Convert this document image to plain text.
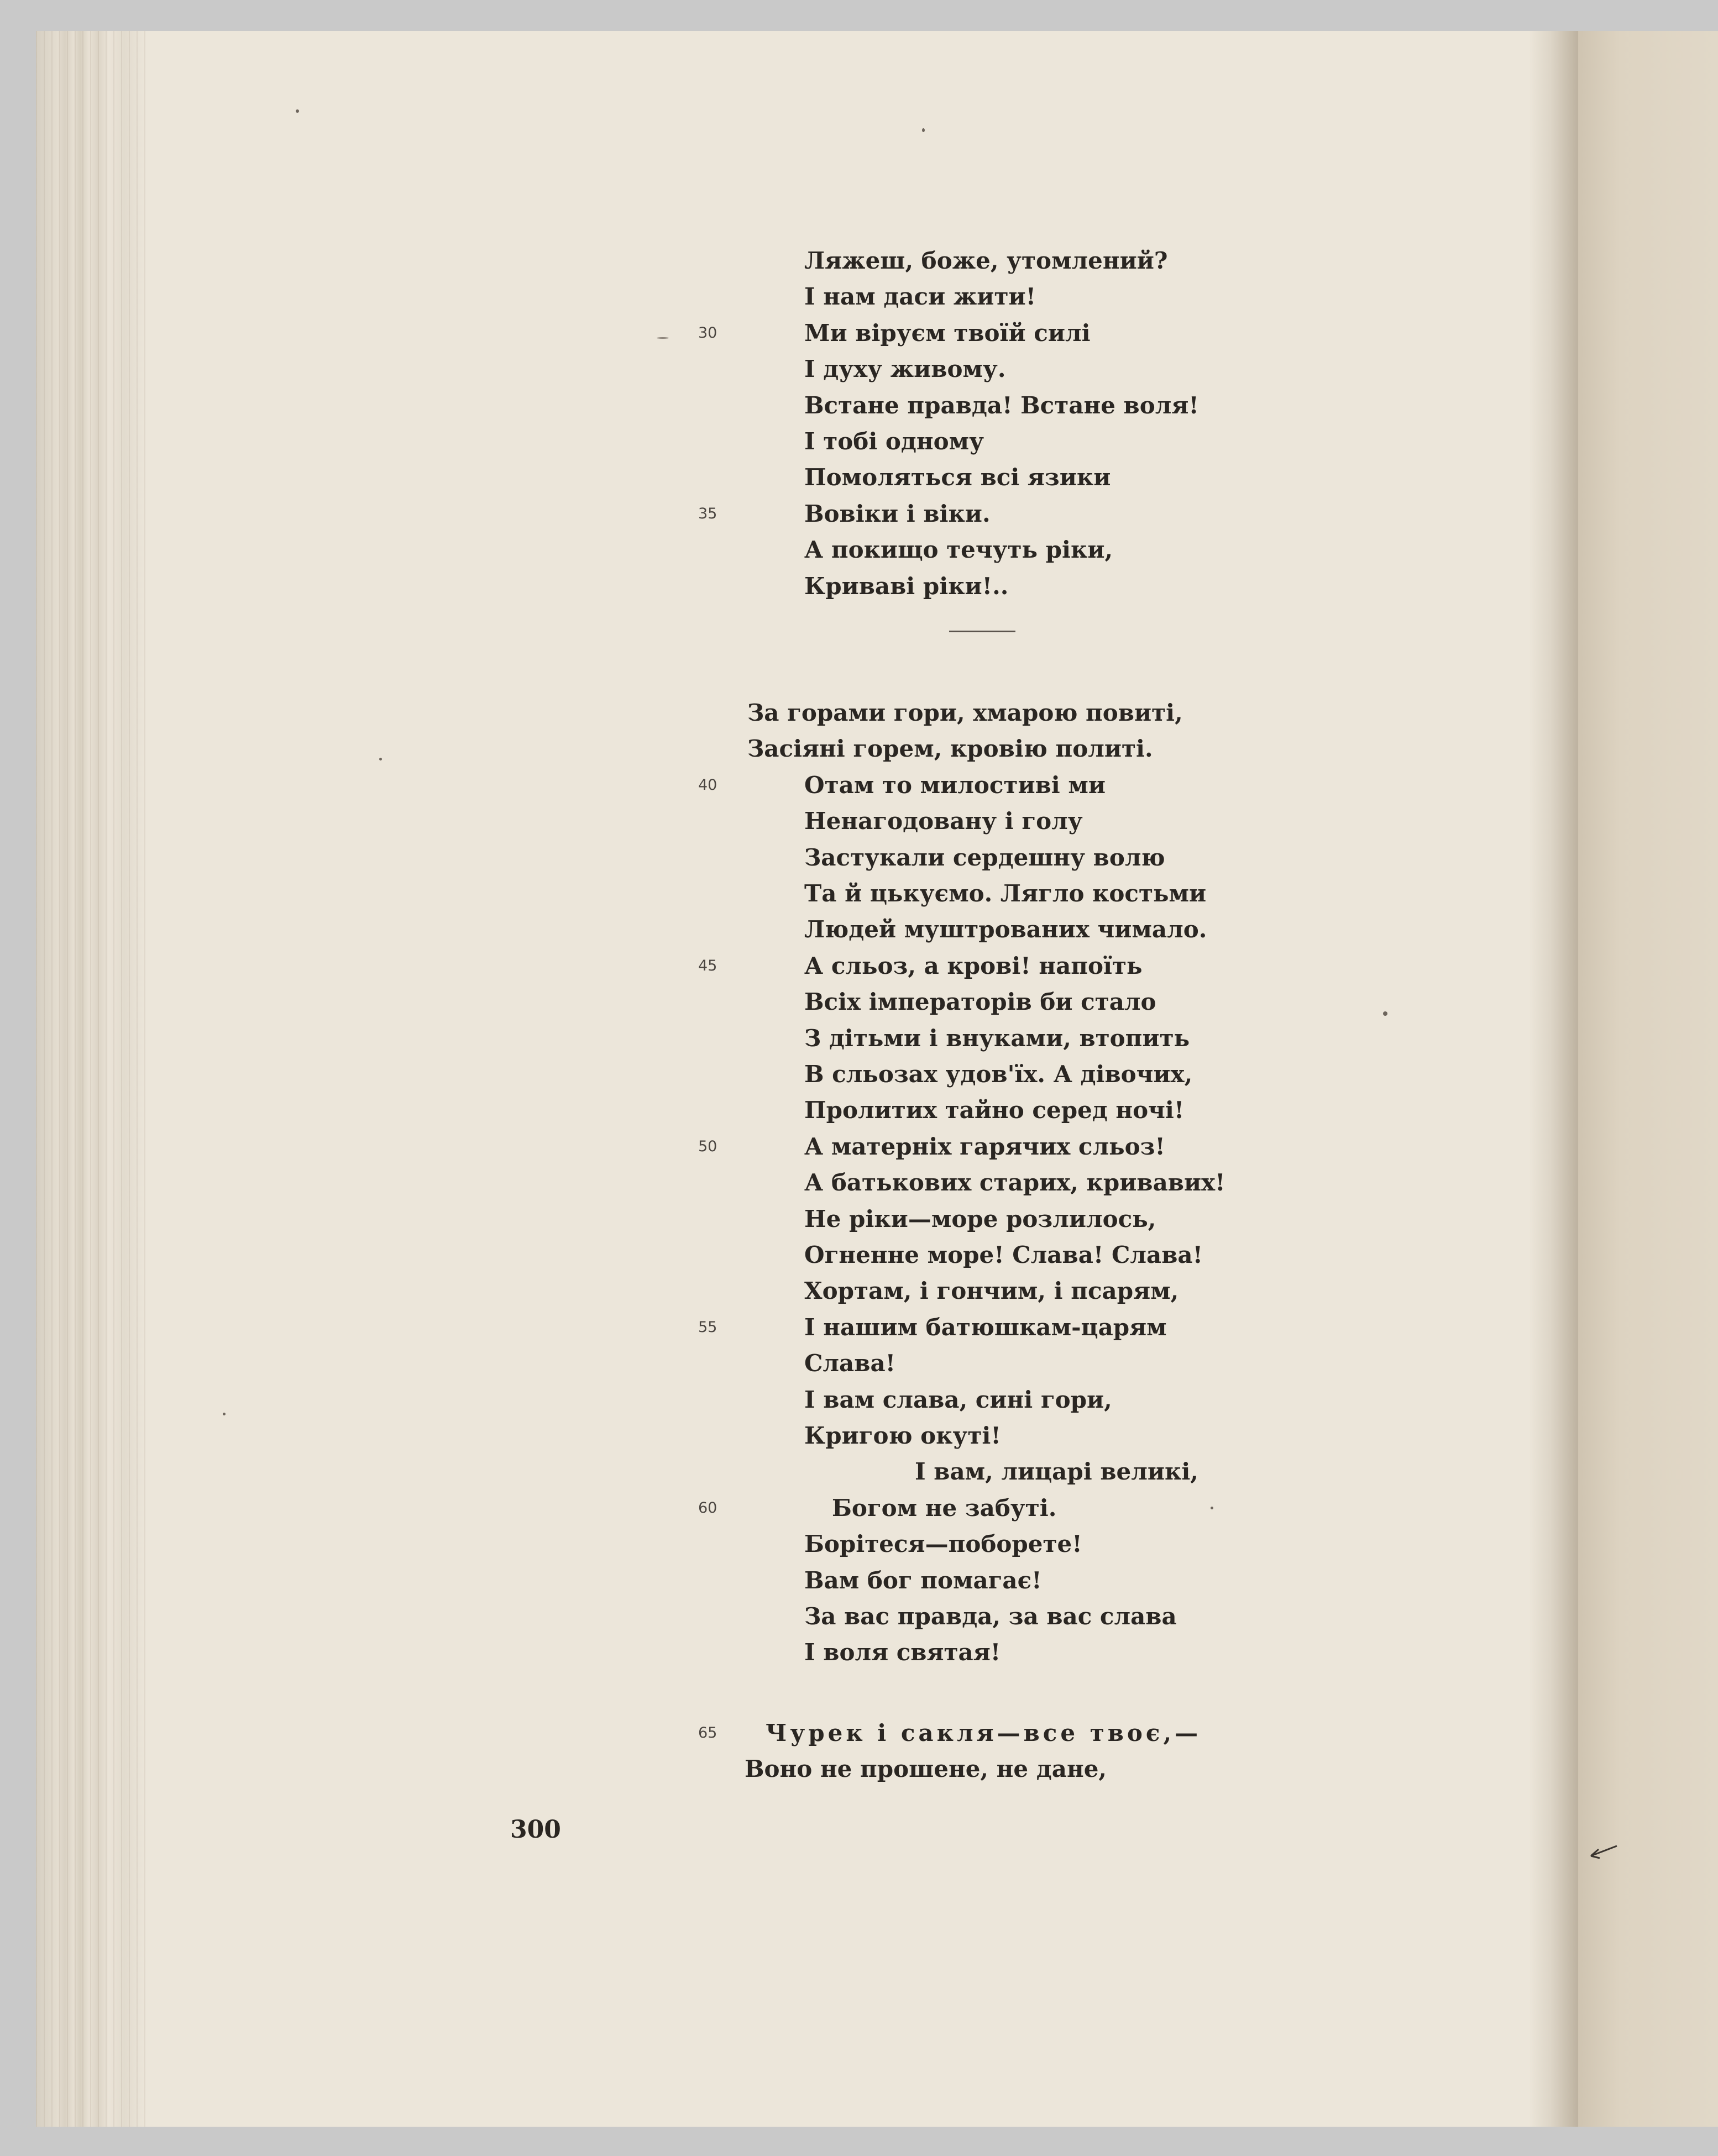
Ляжеш, боже, утомлений?
І нам даси жити!
Ми віруєм твоїй силі
30
І духу живому.
Встане правда! Встане воля!
І тобі одному
Помоляться всі язики
Вовіки і віки.
35
А покищо течуть ріки,
Криваві ріки!..
За горами гори, хмарою повиті,
Засіяні горем, кровію политі.
Отам то милостиві ми
40
Ненагодовану і голу
Застукали сердешну волю
Та й цькуємо. Лягло костьми
Людей муштрованих чимало.
А сльоз, а крові! напоїть
45
Всіх імператорів би стало
З дітьми і внуками, втопить
В сльозах удов'їх. А дівочих,
Пролитих тайно серед ночі!
А матерніх гарячих сльоз!
50
А батькових старих, кривавих!
Не ріки—море розлилось,
Огненне море! Слава! Слава!
Хортам, і гончим, і псарям,
І нашим батюшкам-царям
55
Слава!
І вам слава, сині гори,
Кригою окуті!
І вам, лицарі великі,
Богом не забуті.
60
Борітеся—поборете!
Вам бог помагає!
За вас правда, за вас слава
І воля святая!
Чурек і сакля—все твоє,—
65
Воно не прошене, не дане,
300
